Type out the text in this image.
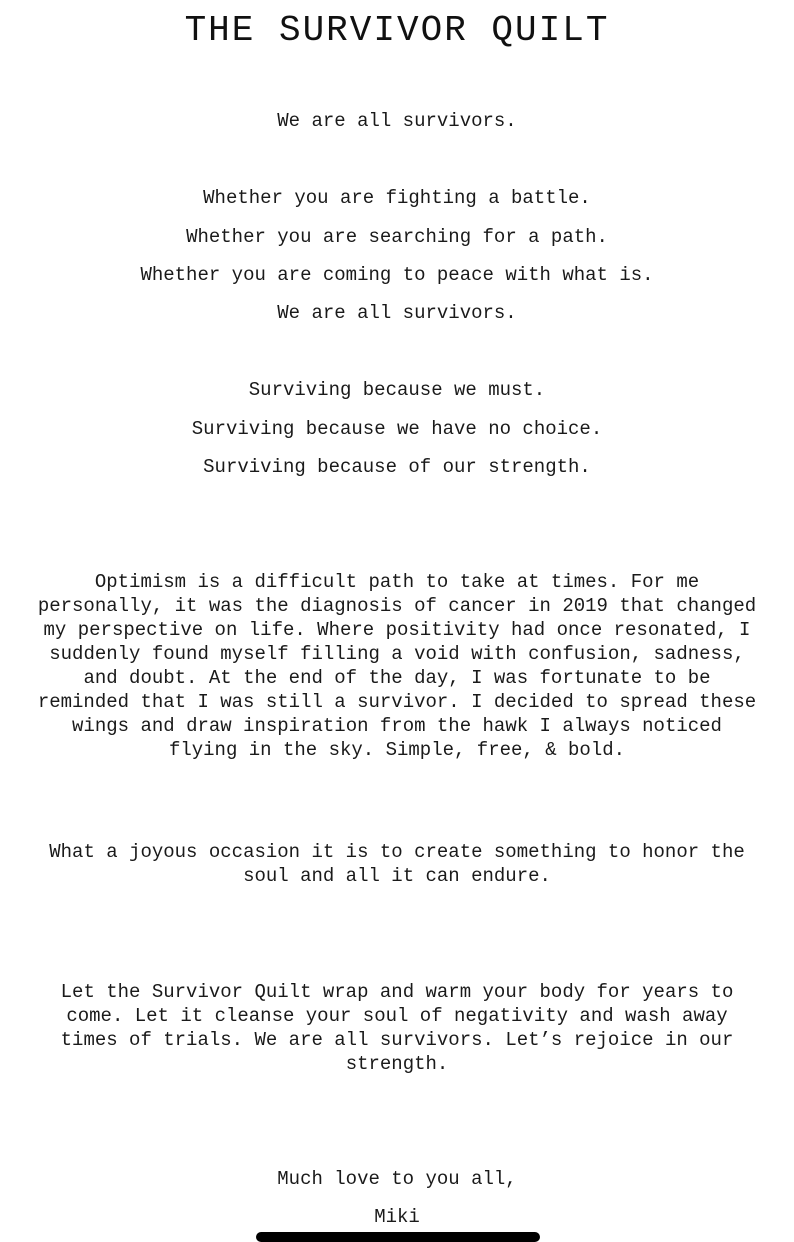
THE SURVIVOR QUILT
We are all survivors.
Whether you are fighting a battle.
Whether you are searching for a path.
Whether you are coming to peace with what is.
We are all survivors.
Surviving because we must.
Surviving because we have no choice.
Surviving because of our strength.
Optimism is a difficult path to take at times. For me personally, it was the diagnosis of cancer in 2019 that changed my perspective on life. Where positivity had once resonated, I suddenly found myself filling a void with confusion, sadness, and doubt. At the end of the day, I was fortunate to be reminded that I was still a survivor. I decided to spread these wings and draw inspiration from the hawk I always noticed flying in the sky. Simple, free, & bold.
What a joyous occasion it is to create something to honor the soul and all it can endure.
Let the Survivor Quilt wrap and warm your body for years to come. Let it cleanse your soul of negativity and wash away times of trials. We are all survivors. Let’s rejoice in our strength.
Much love to you all,
Miki
